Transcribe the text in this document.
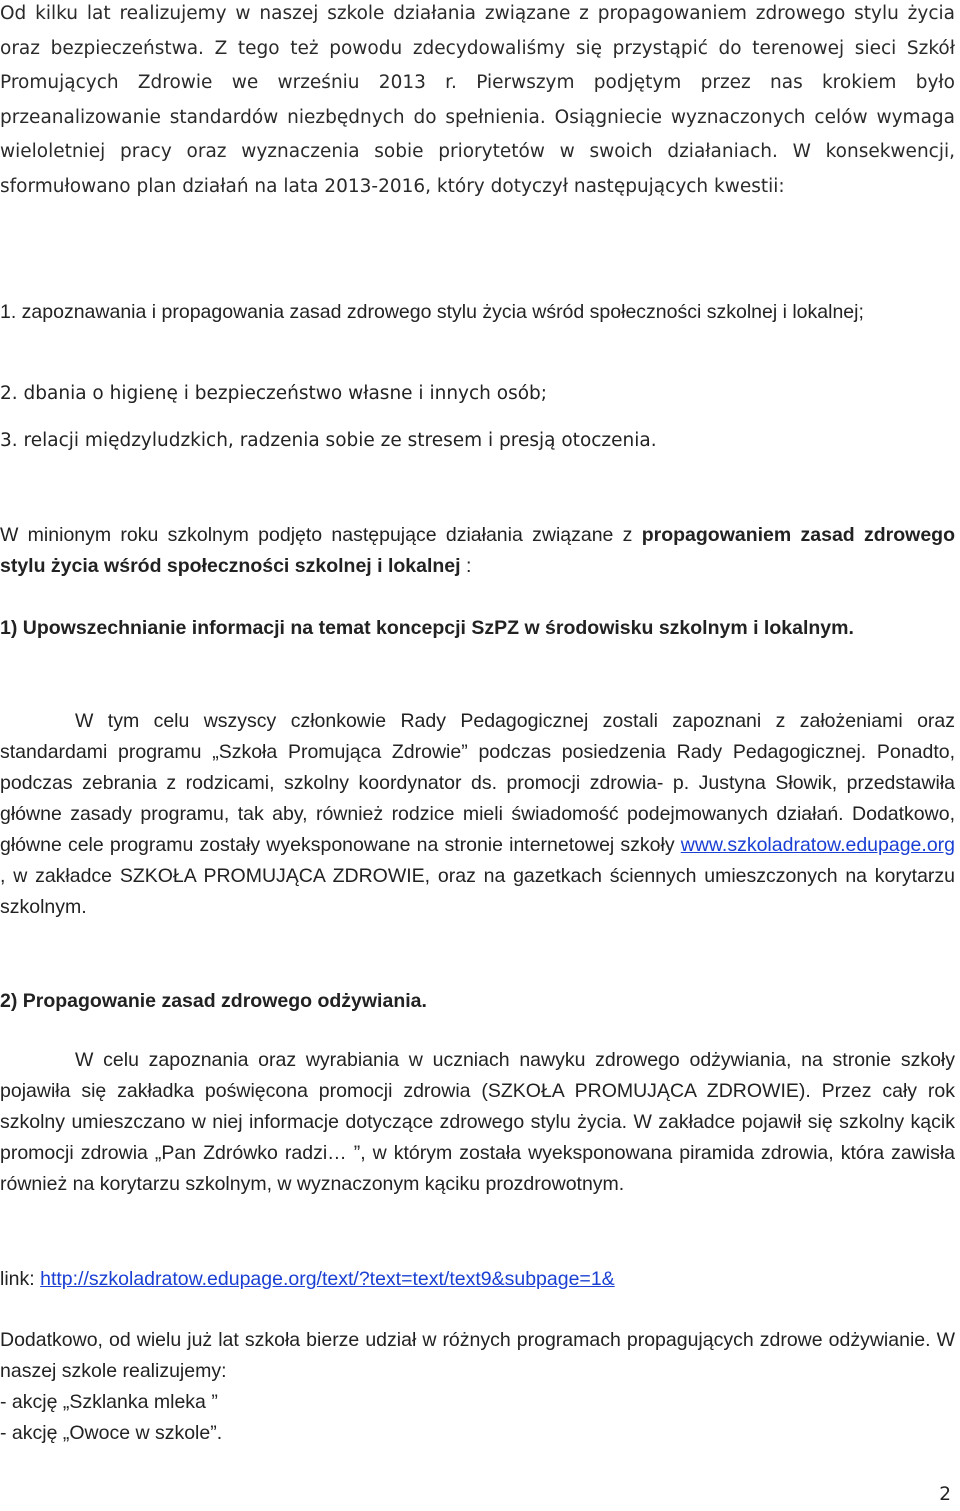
Od kilku lat realizujemy w naszej szkole działania związane z propagowaniem zdrowego stylu życia oraz bezpieczeństwa. Z tego też powodu zdecydowaliśmy się przystąpić do terenowej sieci Szkół Promujących Zdrowie we wrześniu 2013 r. Pierwszym podjętym przez nas krokiem było przeanalizowanie standardów niezbędnych do spełnienia. Osiągniecie wyznaczonych celów wymaga wieloletniej pracy oraz wyznaczenia sobie priorytetów w swoich działaniach. W konsekwencji, sformułowano plan działań na lata 2013-2016, który dotyczył następujących kwestii:

1. zapoznawania i propagowania zasad zdrowego stylu życia wśród społeczności szkolnej i lokalnej;

2. dbania o higienę i bezpieczeństwo własne i innych osób;

3. relacji międzyludzkich, radzenia sobie ze stresem i presją otoczenia.

W minionym roku szkolnym podjęto następujące działania związane z propagowaniem zasad zdrowego stylu życia wśród społeczności szkolnej i lokalnej :

1) Upowszechnianie informacji na temat koncepcji SzPZ w środowisku szkolnym i lokalnym.

W tym celu wszyscy członkowie Rady Pedagogicznej zostali zapoznani z założeniami oraz standardami programu „Szkoła Promująca Zdrowie” podczas posiedzenia Rady Pedagogicznej. Ponadto, podczas zebrania z rodzicami, szkolny koordynator ds. promocji zdrowia- p. Justyna Słowik, przedstawiła główne zasady programu, tak aby, również rodzice mieli świadomość podejmowanych działań. Dodatkowo, główne cele programu zostały wyeksponowane na stronie internetowej szkoły www.szkoladratow.edupage.org , w zakładce SZKOŁA PROMUJĄCA ZDROWIE, oraz na gazetkach ściennych umieszczonych na korytarzu szkolnym.

2) Propagowanie zasad zdrowego odżywiania.

W celu zapoznania oraz wyrabiania w uczniach nawyku zdrowego odżywiania, na stronie szkoły pojawiła się zakładka poświęcona promocji zdrowia (SZKOŁA PROMUJĄCA ZDROWIE). Przez cały rok szkolny umieszczano w niej informacje dotyczące zdrowego stylu życia. W zakładce pojawił się szkolny kącik promocji zdrowia „Pan Zdrówko radzi… ”, w którym została wyeksponowana piramida zdrowia, która zawisła również na korytarzu szkolnym, w wyznaczonym kąciku prozdrowotnym.

link: http://szkoladratow.edupage.org/text/?text=text/text9&subpage=1&

Dodatkowo, od wielu już lat szkoła bierze udział w różnych programach propagujących zdrowe odżywianie. W naszej szkole realizujemy:

- akcję „Szklanka mleka ”

- akcję „Owoce w szkole”.

2
